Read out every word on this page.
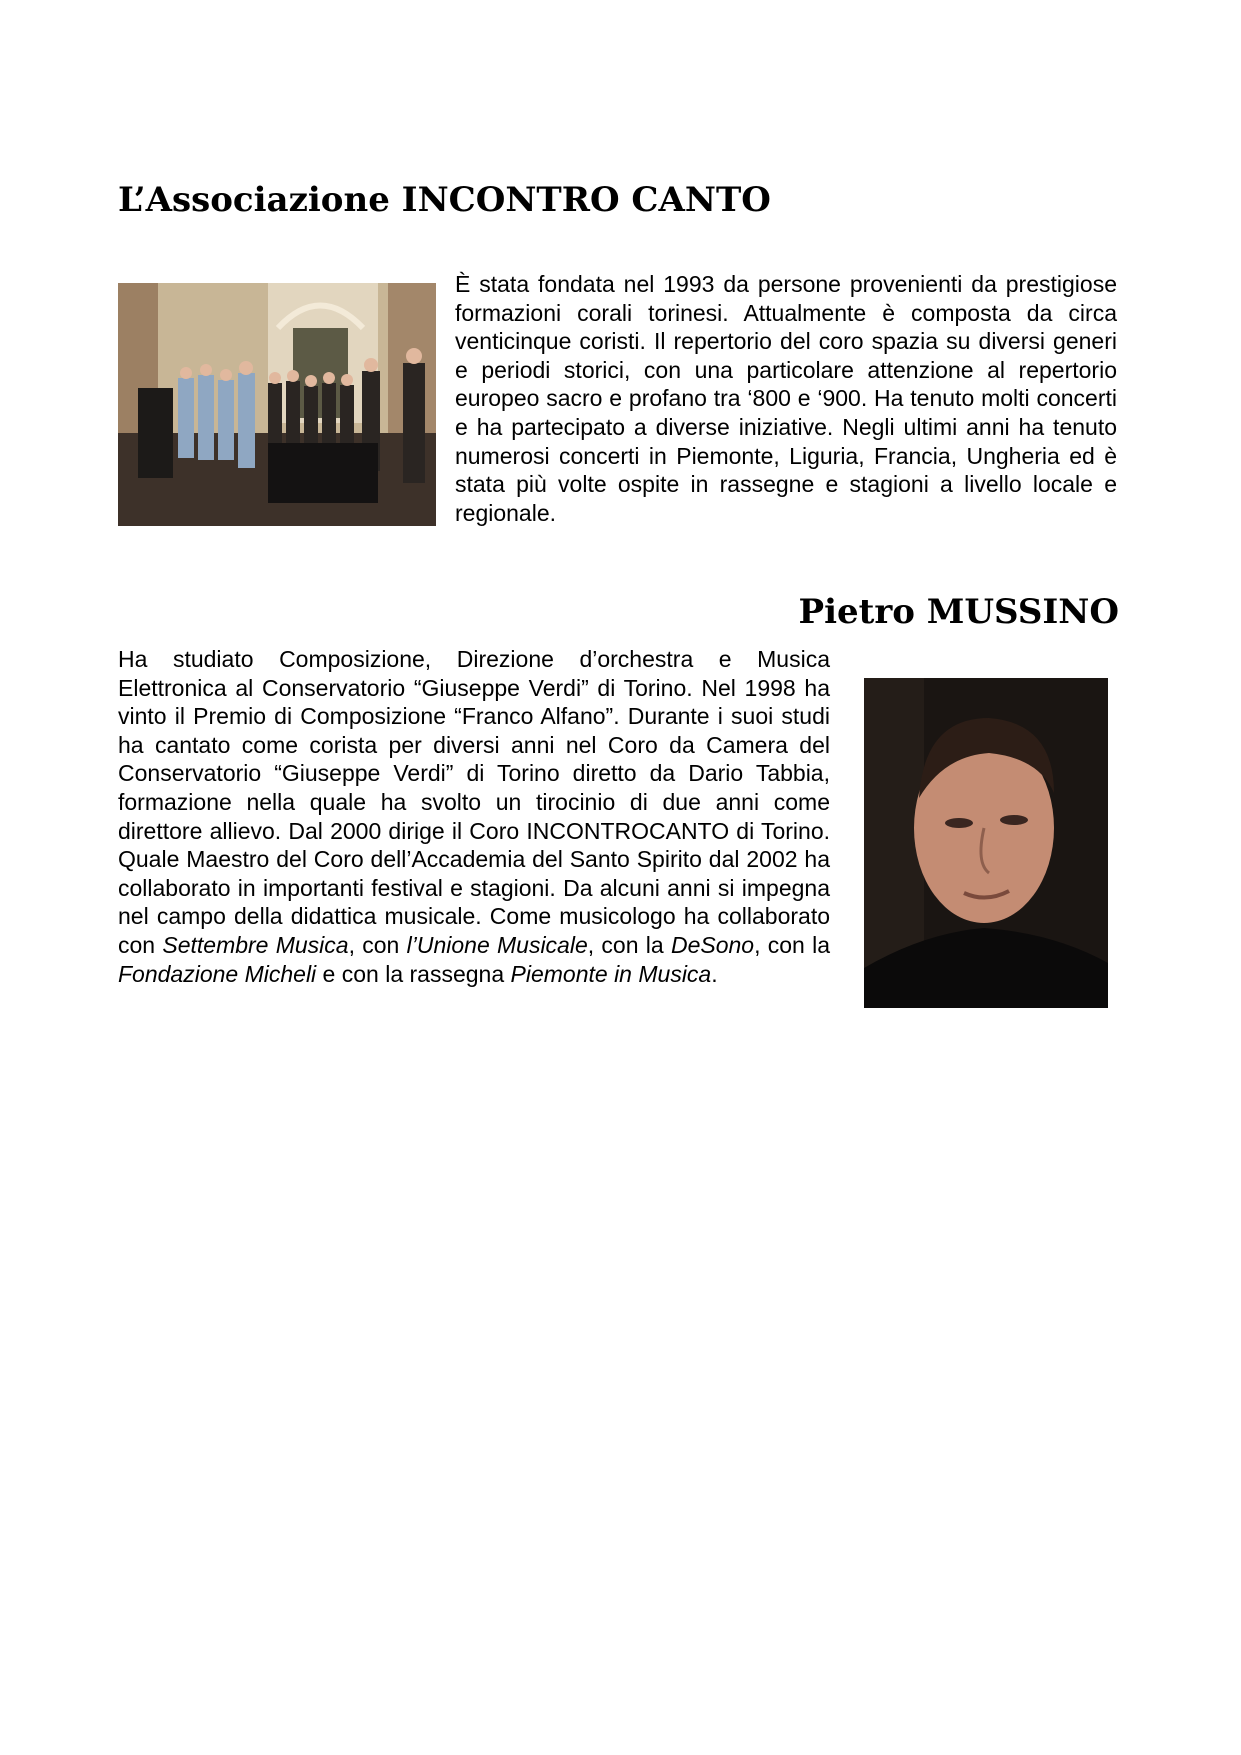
L’Associazione INCONTRO CANTO

È stata fondata nel 1993 da persone provenienti da prestigiose formazioni corali torinesi. Attualmente è composta da circa venticinque coristi. Il repertorio del coro spazia su diversi generi e periodi storici, con una particolare attenzione al repertorio europeo sacro e profano tra ‘800 e ‘900. Ha tenuto molti concerti e ha partecipato a diverse iniziative. Negli ultimi anni ha tenuto numerosi concerti in Piemonte, Liguria, Francia, Ungheria ed è stata più volte ospite in rassegne e stagioni a livello locale e regionale.

Pietro MUSSINO

Ha studiato Composizione, Direzione d’orchestra e Musica Elettronica al Conservatorio “Giuseppe Verdi” di Torino. Nel 1998 ha vinto il Premio di Composizione “Franco Alfano”. Durante i suoi studi ha cantato come corista per diversi anni nel Coro da Camera del Conservatorio “Giuseppe Verdi” di Torino diretto da Dario Tabbia, formazione nella quale ha svolto un tirocinio di due anni come direttore allievo. Dal 2000 dirige il Coro INCONTROCANTO di Torino. Quale Maestro del Coro dell’Accademia del Santo Spirito dal 2002 ha collaborato in importanti festival e stagioni. Da alcuni anni si impegna nel campo della didattica musicale. Come musicologo ha collaborato con Settembre Musica, con l’Unione Musicale, con la DeSono, con la Fondazione Micheli e con la rassegna Piemonte in Musica.
